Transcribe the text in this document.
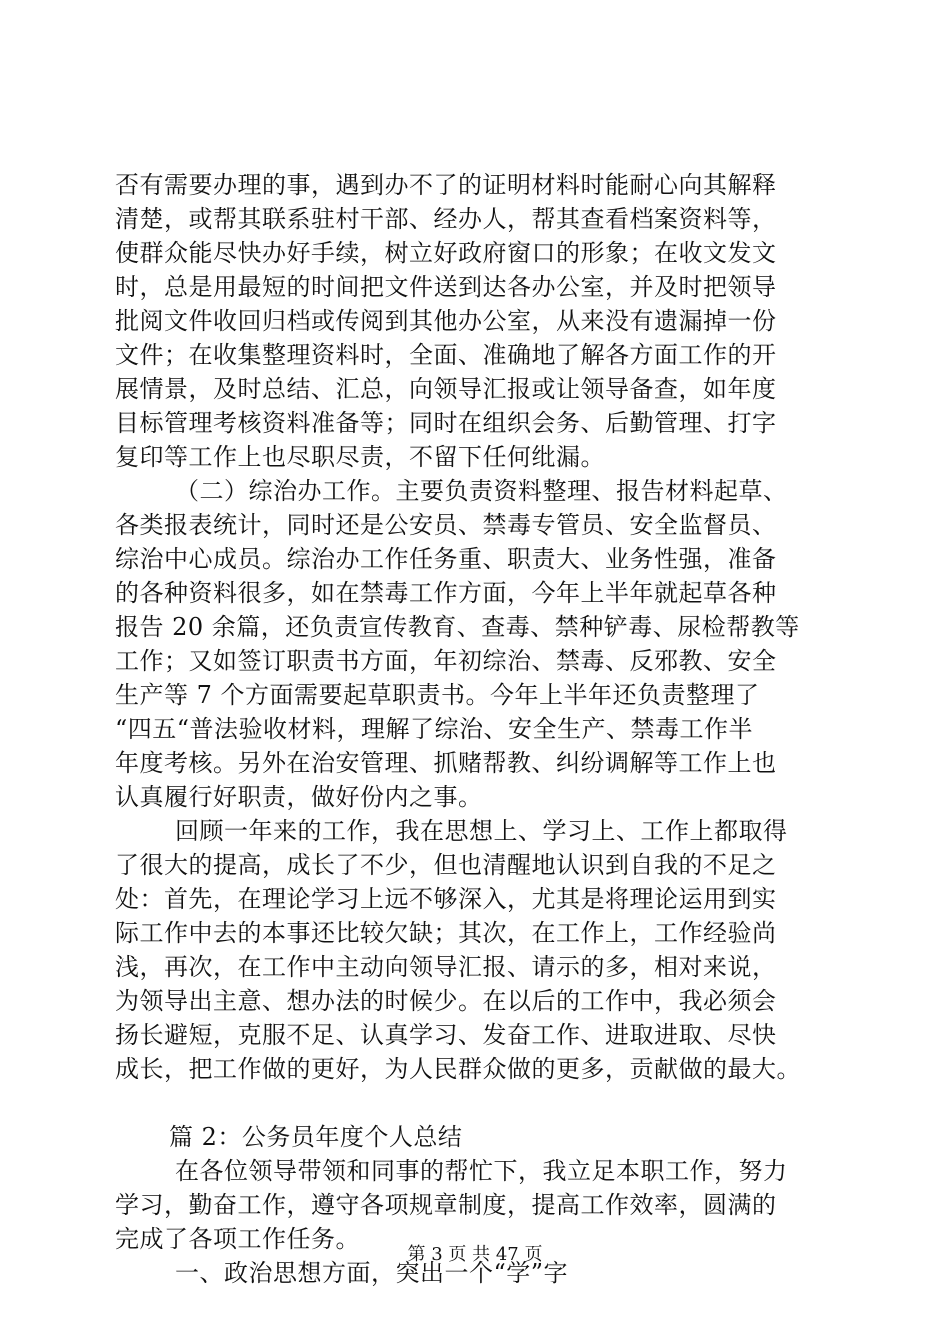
否有需要办理的事，遇到办不了的证明材料时能耐心向其解释
清楚，或帮其联系驻村干部、经办人，帮其查看档案资料等，
使群众能尽快办好手续，树立好政府窗口的形象；在收文发文
时，总是用最短的时间把文件送到达各办公室，并及时把领导
批阅文件收回归档或传阅到其他办公室，从来没有遗漏掉一份
文件；在收集整理资料时，全面、准确地了解各方面工作的开
展情景，及时总结、汇总，向领导汇报或让领导备查，如年度
目标管理考核资料准备等；同时在组织会务、后勤管理、打字
复印等工作上也尽职尽责，不留下任何纰漏。
（二）综治办工作。主要负责资料整理、报告材料起草、
各类报表统计，同时还是公安员、禁毒专管员、安全监督员、
综治中心成员。综治办工作任务重、职责大、业务性强，准备
的各种资料很多，如在禁毒工作方面，今年上半年就起草各种
报告 20 余篇，还负责宣传教育、查毒、禁种铲毒、尿检帮教等
工作；又如签订职责书方面，年初综治、禁毒、反邪教、安全
生产等 7 个方面需要起草职责书。今年上半年还负责整理了
“四五“普法验收材料，理解了综治、安全生产、禁毒工作半
年度考核。另外在治安管理、抓赌帮教、纠纷调解等工作上也
认真履行好职责，做好份内之事。
回顾一年来的工作，我在思想上、学习上、工作上都取得
了很大的提高，成长了不少，但也清醒地认识到自我的不足之
处：首先，在理论学习上远不够深入，尤其是将理论运用到实
际工作中去的本事还比较欠缺；其次，在工作上，工作经验尚
浅，再次，在工作中主动向领导汇报、请示的多，相对来说，
为领导出主意、想办法的时候少。在以后的工作中，我必须会
扬长避短，克服不足、认真学习、发奋工作、进取进取、尽快
成长，把工作做的更好，为人民群众做的更多，贡献做的最大。
篇 2：公务员年度个人总结
在各位领导带领和同事的帮忙下，我立足本职工作，努力
学习，勤奋工作，遵守各项规章制度，提高工作效率，圆满的
完成了各项工作任务。
一、政治思想方面，突出一个“学”字
第 3 页 共 47 页
